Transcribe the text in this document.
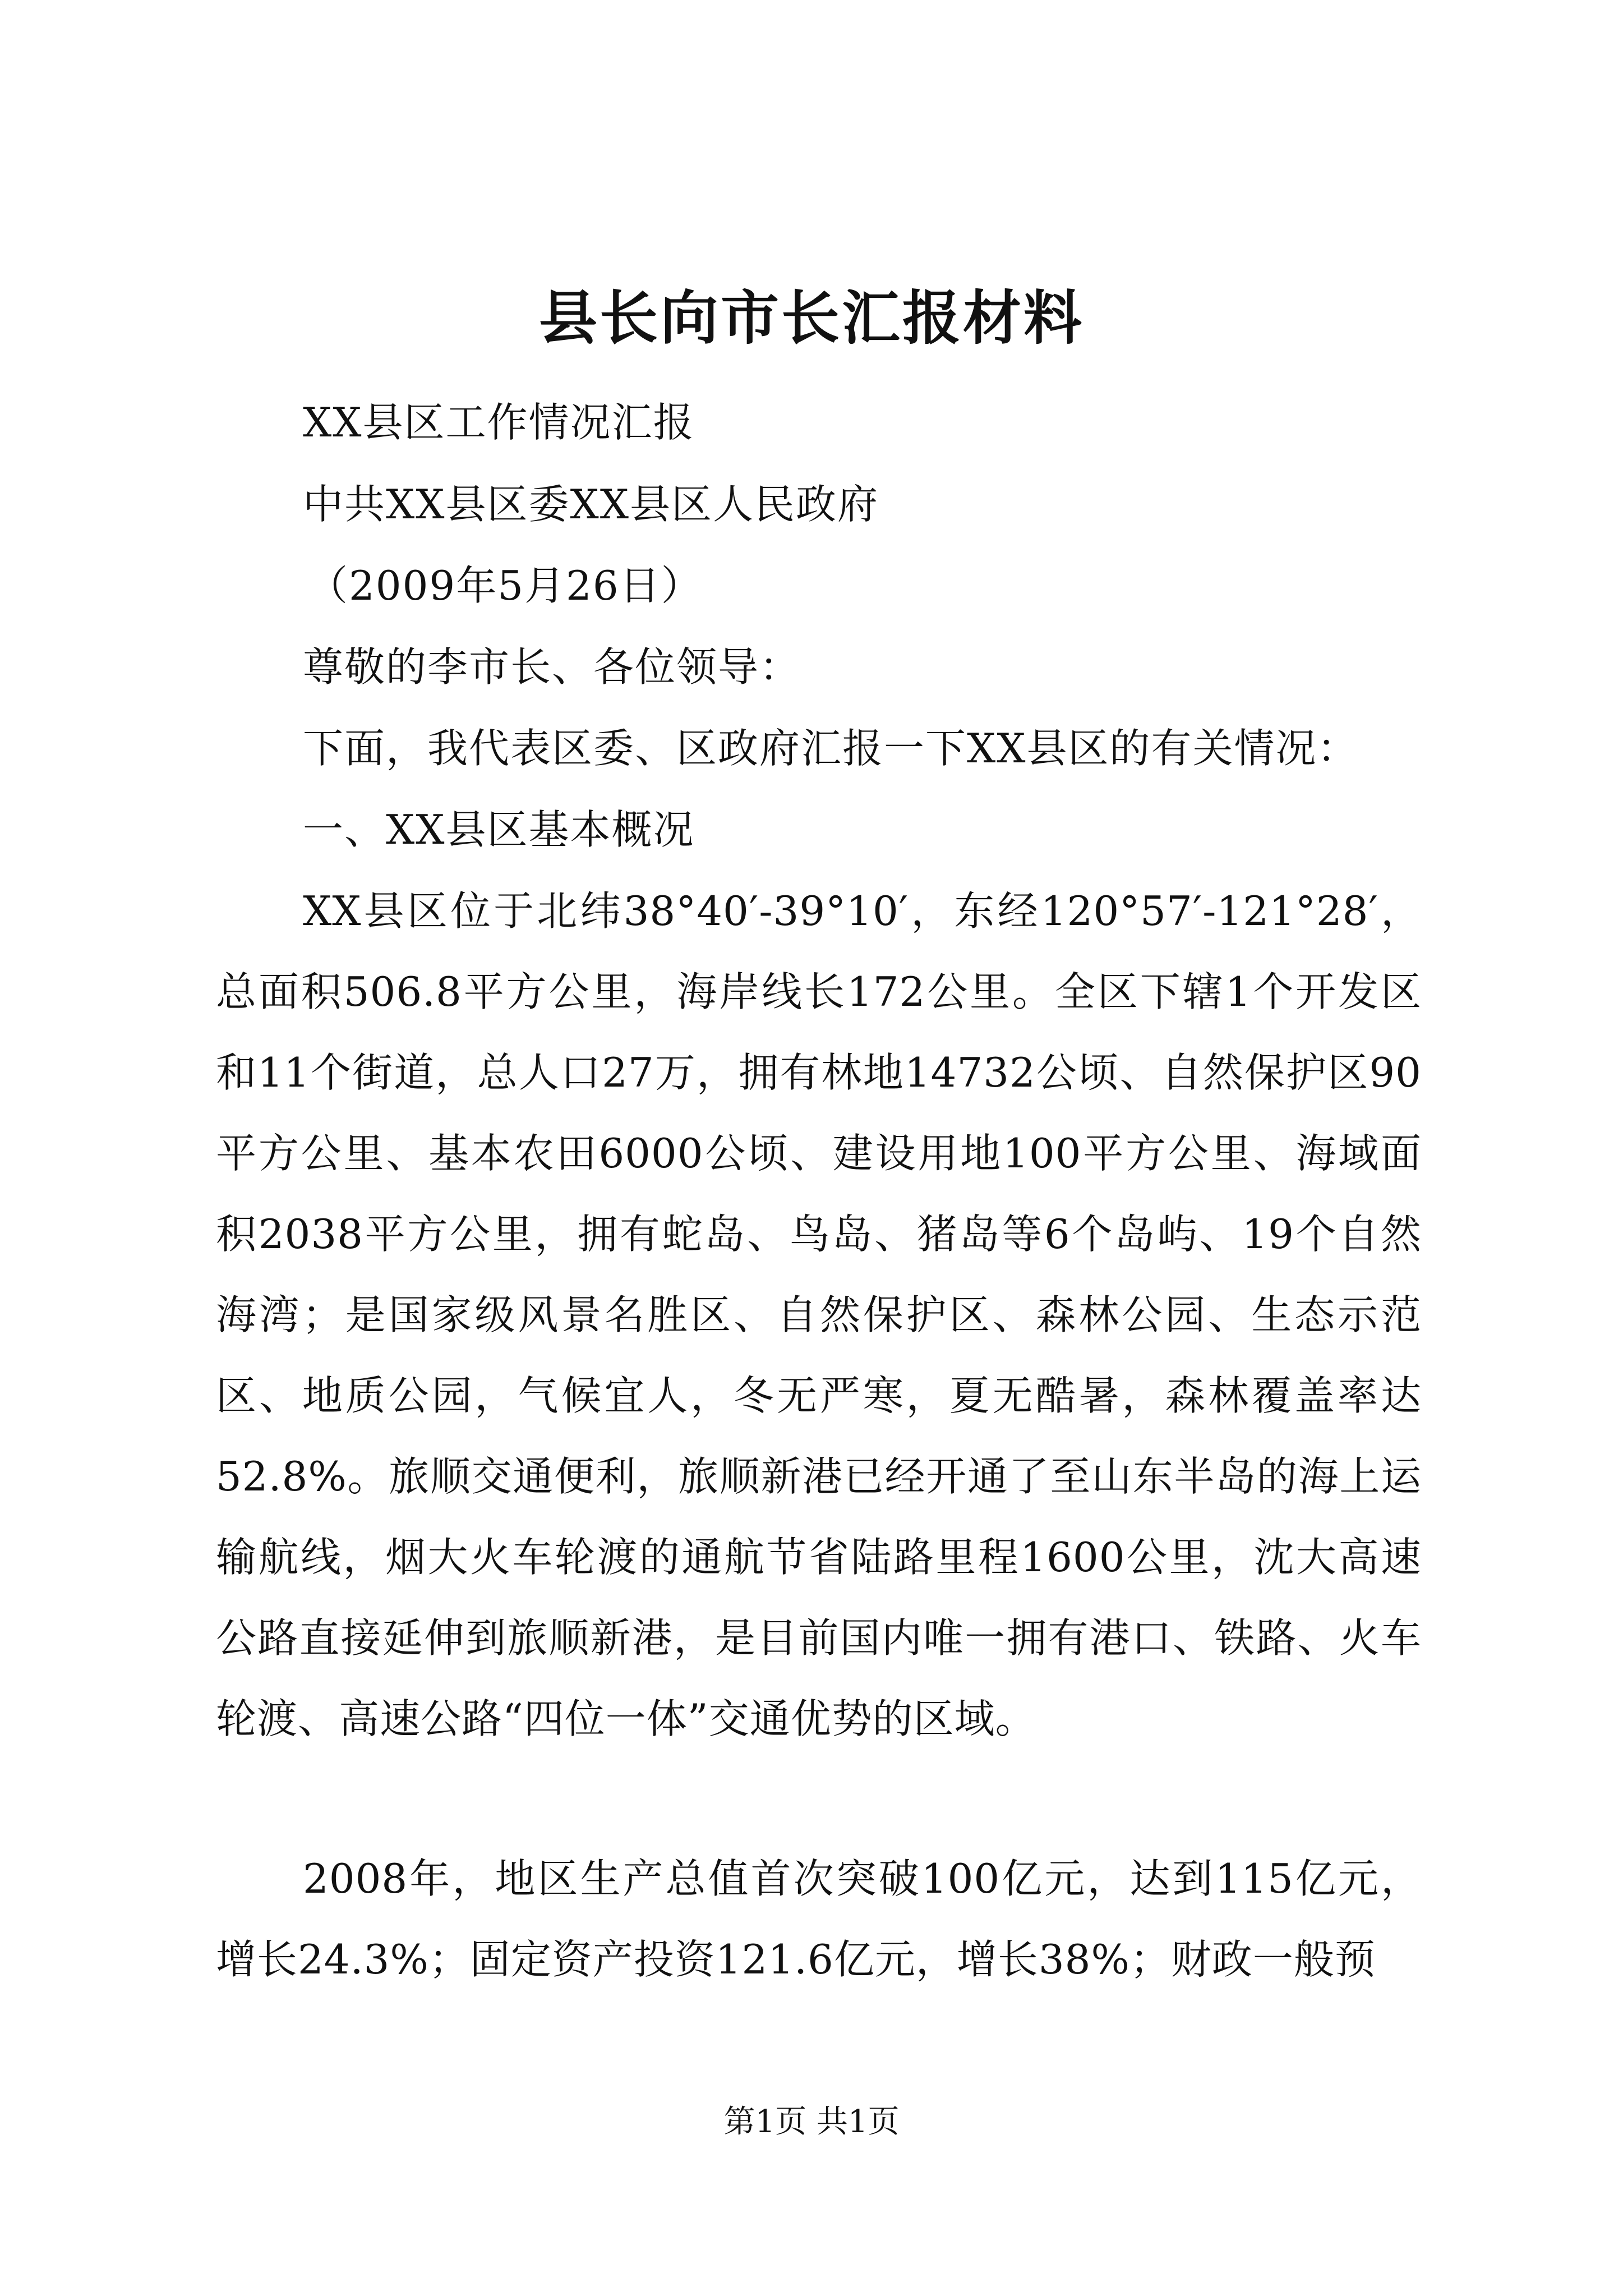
县长向市长汇报材料
XX县区工作情况汇报
中共XX县区委XX县区人民政府
（2009年5月26日）
尊敬的李市长、各位领导：
下面，我代表区委、区政府汇报一下XX县区的有关情况：
一、XX县区基本概况
XX县区位于北纬38°40′-39°10′，东经120°57′-121°28′，总面积506.8平方公里，海岸线长172公里。全区下辖1个开发区和11个街道，总人口27万，拥有林地14732公顷、自然保护区90平方公里、基本农田6000公顷、建设用地100平方公里、海域面积2038平方公里，拥有蛇岛、鸟岛、猪岛等6个岛屿、19个自然海湾；是国家级风景名胜区、自然保护区、森林公园、生态示范区、地质公园，气候宜人，冬无严寒，夏无酷暑，森林覆盖率达52.8%。旅顺交通便利，旅顺新港已经开通了至山东半岛的海上运输航线，烟大火车轮渡的通航节省陆路里程1600公里，沈大高速公路直接延伸到旅顺新港，是目前国内唯一拥有港口、铁路、火车轮渡、高速公路“四位一体”交通优势的区域。
2008年，地区生产总值首次突破100亿元，达到115亿元，增长24.3%；固定资产投资121.6亿元，增长38%；财政一般预
第1页 共1页
